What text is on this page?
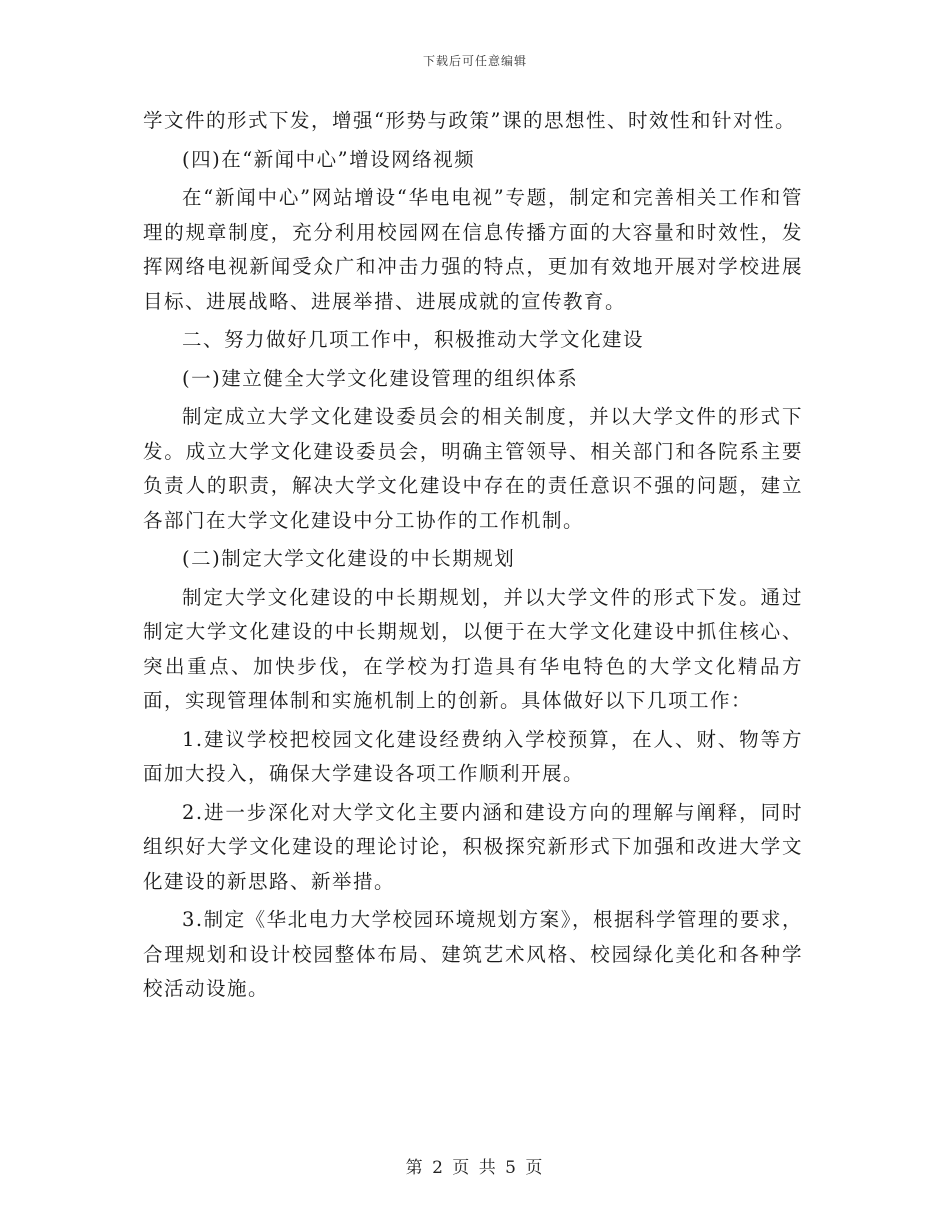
下载后可任意编辑

学文件的形式下发，增强“形势与政策”课的思想性、时效性和针对性。

(四)在“新闻中心”增设网络视频

在“新闻中心”网站增设“华电电视”专题，制定和完善相关工作和管理的规章制度，充分利用校园网在信息传播方面的大容量和时效性，发挥网络电视新闻受众广和冲击力强的特点，更加有效地开展对学校进展目标、进展战略、进展举措、进展成就的宣传教育。

二、努力做好几项工作中，积极推动大学文化建设

(一)建立健全大学文化建设管理的组织体系

制定成立大学文化建设委员会的相关制度，并以大学文件的形式下发。成立大学文化建设委员会，明确主管领导、相关部门和各院系主要负责人的职责，解决大学文化建设中存在的责任意识不强的问题，建立各部门在大学文化建设中分工协作的工作机制。

(二)制定大学文化建设的中长期规划

制定大学文化建设的中长期规划，并以大学文件的形式下发。通过制定大学文化建设的中长期规划，以便于在大学文化建设中抓住核心、突出重点、加快步伐，在学校为打造具有华电特色的大学文化精品方面，实现管理体制和实施机制上的创新。具体做好以下几项工作：

1.建议学校把校园文化建设经费纳入学校预算，在人、财、物等方面加大投入，确保大学建设各项工作顺利开展。

2.进一步深化对大学文化主要内涵和建设方向的理解与阐释，同时组织好大学文化建设的理论讨论，积极探究新形式下加强和改进大学文化建设的新思路、新举措。

3.制定《华北电力大学校园环境规划方案》，根据科学管理的要求，合理规划和设计校园整体布局、建筑艺术风格、校园绿化美化和各种学校活动设施。

第 2 页 共 5 页
